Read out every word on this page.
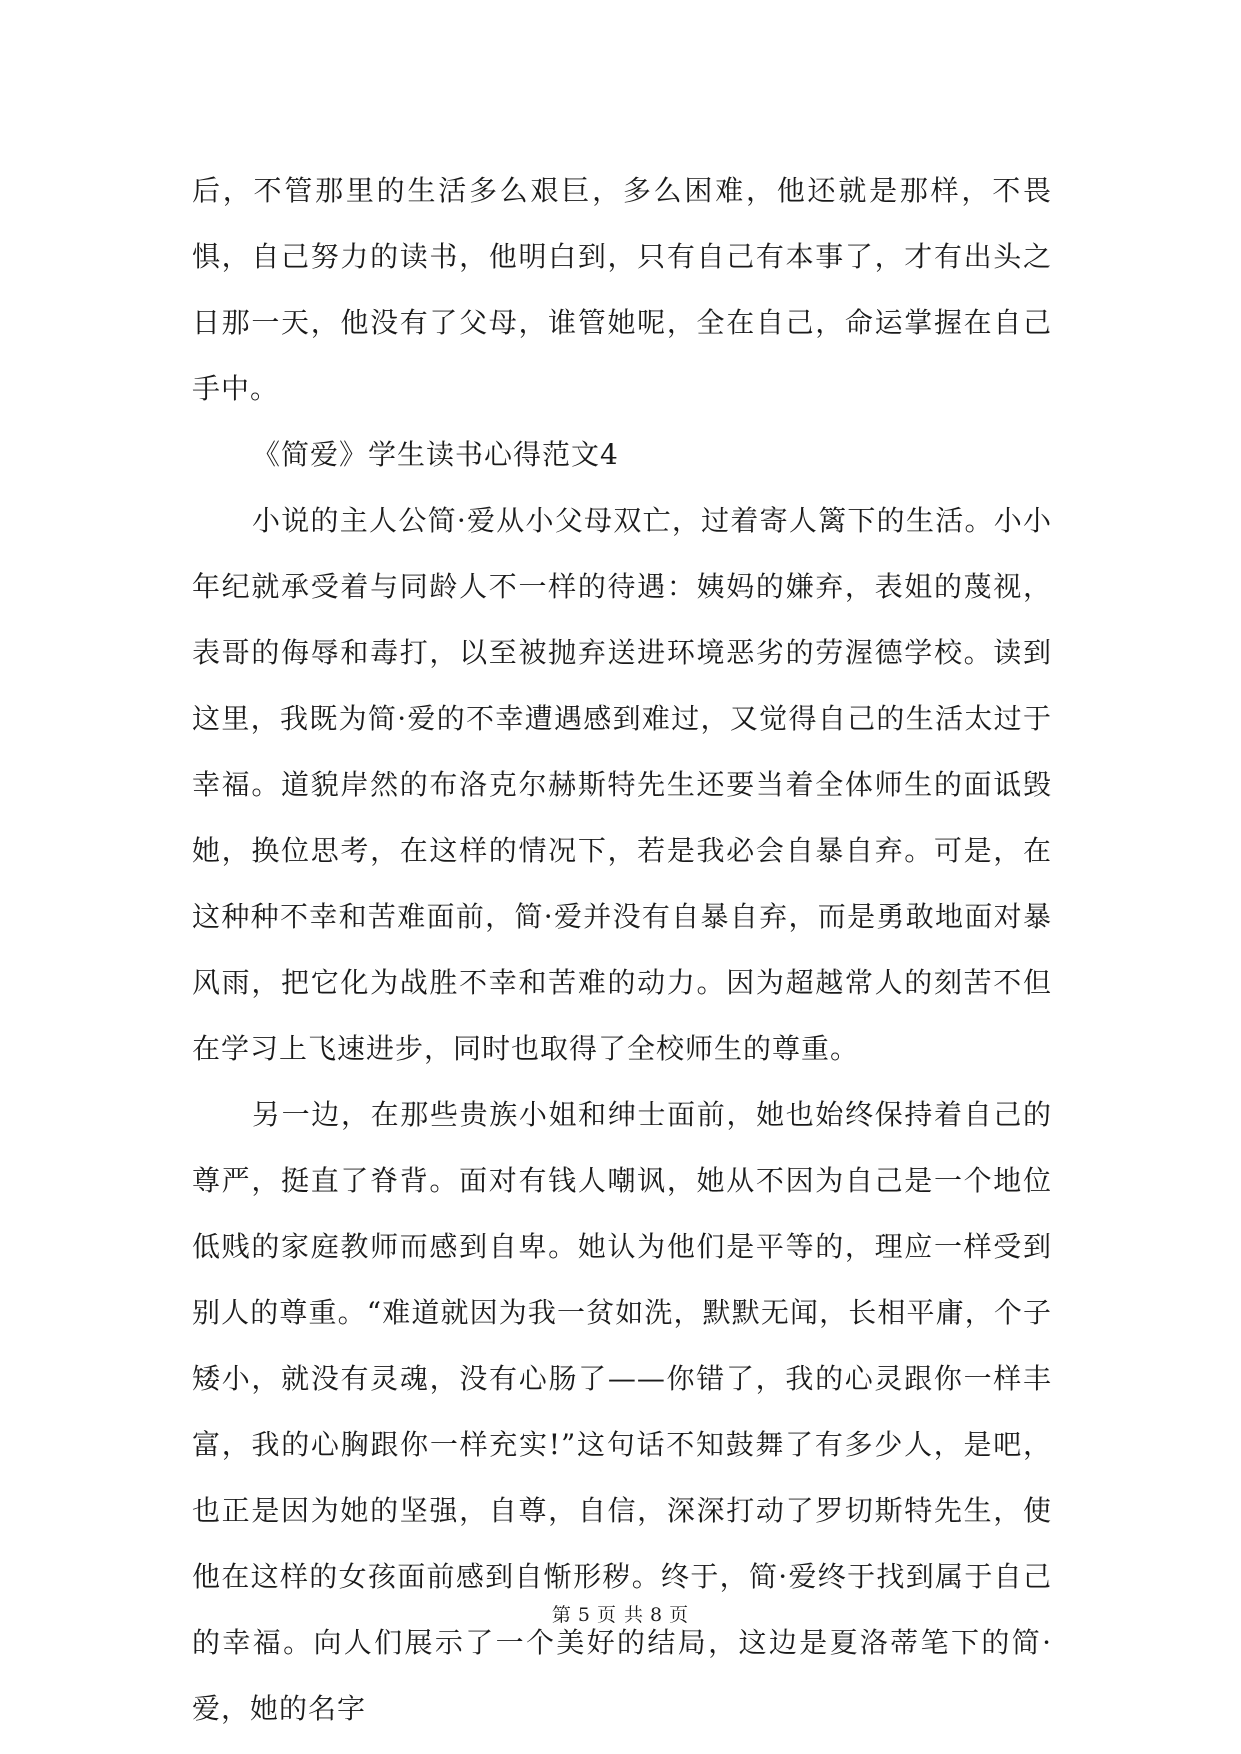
后，不管那里的生活多么艰巨，多么困难，他还就是那样，不畏惧，自己努力的读书，他明白到，只有自己有本事了，才有出头之日那一天，他没有了父母，谁管她呢，全在自己，命运掌握在自己手中。

《简爱》学生读书心得范文4

小说的主人公简·爱从小父母双亡，过着寄人篱下的生活。小小年纪就承受着与同龄人不一样的待遇：姨妈的嫌弃，表姐的蔑视，表哥的侮辱和毒打，以至被抛弃送进环境恶劣的劳渥德学校。读到这里，我既为简·爱的不幸遭遇感到难过，又觉得自己的生活太过于幸福。道貌岸然的布洛克尔赫斯特先生还要当着全体师生的面诋毁她，换位思考，在这样的情况下，若是我必会自暴自弃。可是，在这种种不幸和苦难面前，简·爱并没有自暴自弃，而是勇敢地面对暴风雨，把它化为战胜不幸和苦难的动力。因为超越常人的刻苦不但在学习上飞速进步，同时也取得了全校师生的尊重。

另一边，在那些贵族小姐和绅士面前，她也始终保持着自己的尊严，挺直了脊背。面对有钱人嘲讽，她从不因为自己是一个地位低贱的家庭教师而感到自卑。她认为他们是平等的，理应一样受到别人的尊重。“难道就因为我一贫如洗，默默无闻，长相平庸，个子矮小，就没有灵魂，没有心肠了——你错了，我的心灵跟你一样丰富，我的心胸跟你一样充实!”这句话不知鼓舞了有多少人，是吧，也正是因为她的坚强，自尊，自信，深深打动了罗切斯特先生，使他在这样的女孩面前感到自惭形秽。终于，简·爱终于找到属于自己的幸福。向人们展示了一个美好的结局，这边是夏洛蒂笔下的简·爱，她的名字

第 5 页 共 8 页
